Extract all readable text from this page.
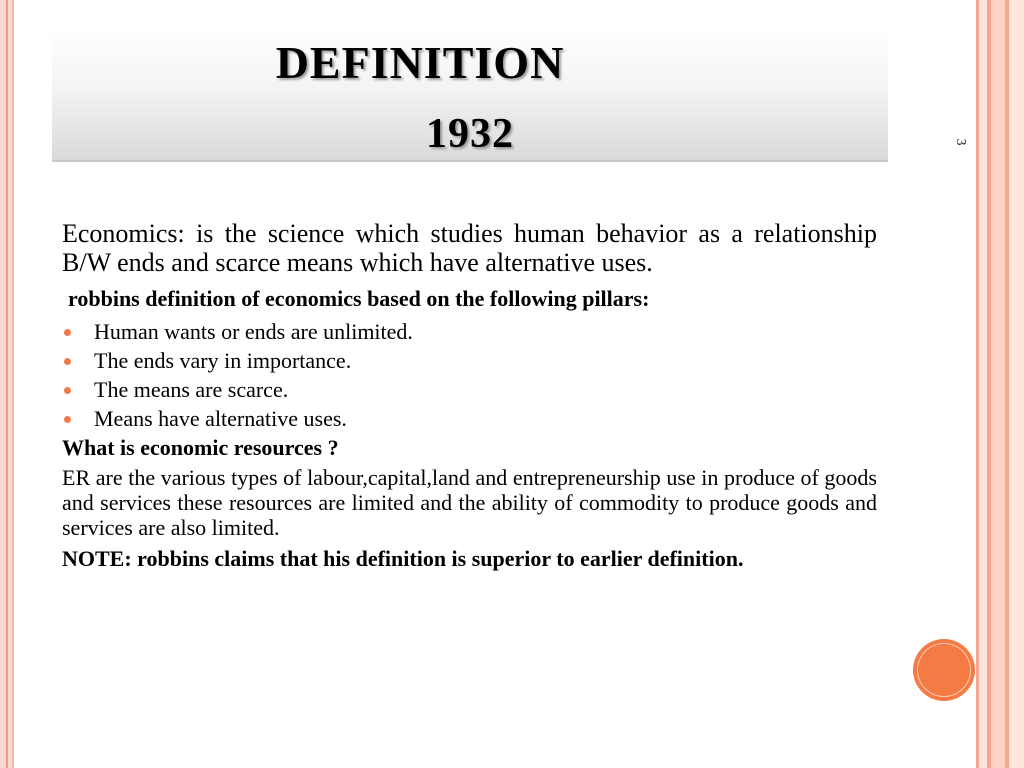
DEFINITION
1932	3

Economics: is the science which studies human behavior as a relationship B/W ends and scarce means which have alternative uses.

robbins definition of economics based on the following pillars:

Human wants or ends are unlimited.
The ends vary in importance.
The means are scarce.
Means have alternative uses.

What is economic resources ?

ER are the various types of labour,capital,land and entrepreneurship use in produce of goods and services these resources are limited and the ability of commodity to produce goods and services are also limited.

NOTE: robbins claims that his definition is superior to earlier definition.
